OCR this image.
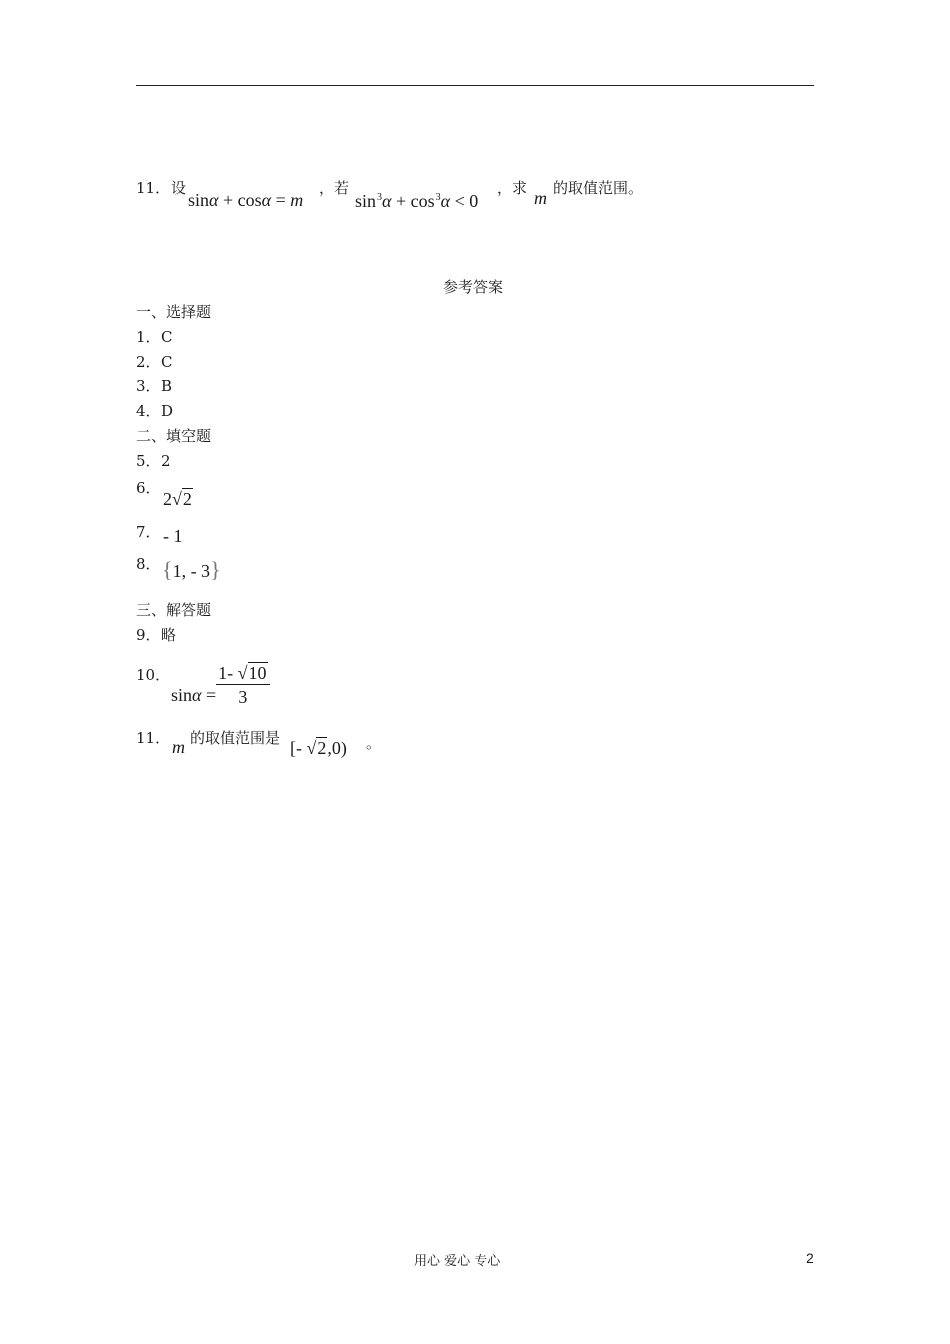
11． 设
sinα + cosα = m
，若
$\sin^3\alpha + \cos^3\alpha < 0$
，求 m 的取值范围。
参考答案
一、选择题
1． C
2． C
3． B
4． D
二、填空题
5． 2
6．
2√2
7． - 1
8． {1, - 3}
三、解答题
9． 略
10．
$\sin\alpha = \frac{1- √10}{3}$
11． m 的取值范围是 [- √2,0) 。
用心 爱心 专心	2
